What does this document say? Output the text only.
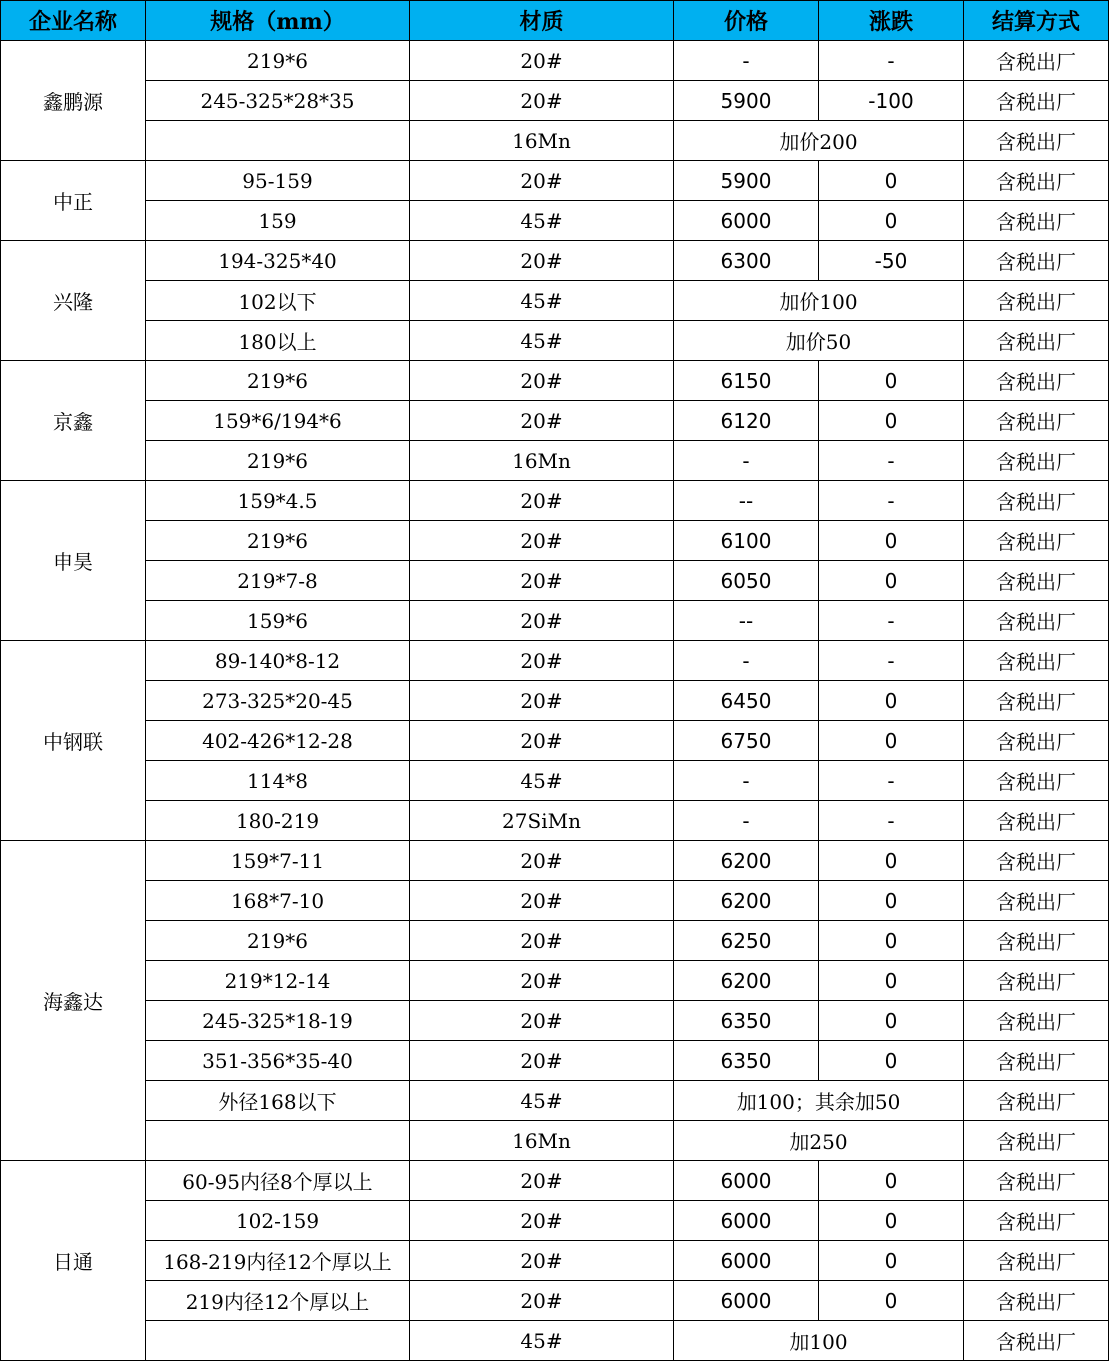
企业名称	规格（mm）	材质	价格	涨跌	结算方式
鑫鹏源	219*6	20#	-	-	含税出厂
	245-325*28*35	20#	5900	-100	含税出厂
		16Mn	加价200		含税出厂
中正	95-159	20#	5900	0	含税出厂
	159	45#	6000	0	含税出厂
兴隆	194-325*40	20#	6300	-50	含税出厂
	102以下	45#	加价100		含税出厂
	180以上	45#	加价50		含税出厂
京鑫	219*6	20#	6150	0	含税出厂
	159*6/194*6	20#	6120	0	含税出厂
	219*6	16Mn	-	-	含税出厂
申昊	159*4.5	20#	--	-	含税出厂
	219*6	20#	6100	0	含税出厂
	219*7-8	20#	6050	0	含税出厂
	159*6	20#	--	-	含税出厂
中钢联	89-140*8-12	20#	-	-	含税出厂
	273-325*20-45	20#	6450	0	含税出厂
	402-426*12-28	20#	6750	0	含税出厂
	114*8	45#	-	-	含税出厂
	180-219	27SiMn	-	-	含税出厂
海鑫达	159*7-11	20#	6200	0	含税出厂
	168*7-10	20#	6200	0	含税出厂
	219*6	20#	6250	0	含税出厂
	219*12-14	20#	6200	0	含税出厂
	245-325*18-19	20#	6350	0	含税出厂
	351-356*35-40	20#	6350	0	含税出厂
	外径168以下	45#	加100；其余加50		含税出厂
		16Mn	加250		含税出厂
日通	60-95内径8个厚以上	20#	6000	0	含税出厂
	102-159	20#	6000	0	含税出厂
	168-219内径12个厚以上	20#	6000	0	含税出厂
	219内径12个厚以上	20#	6000	0	含税出厂
		45#	加100		含税出厂
